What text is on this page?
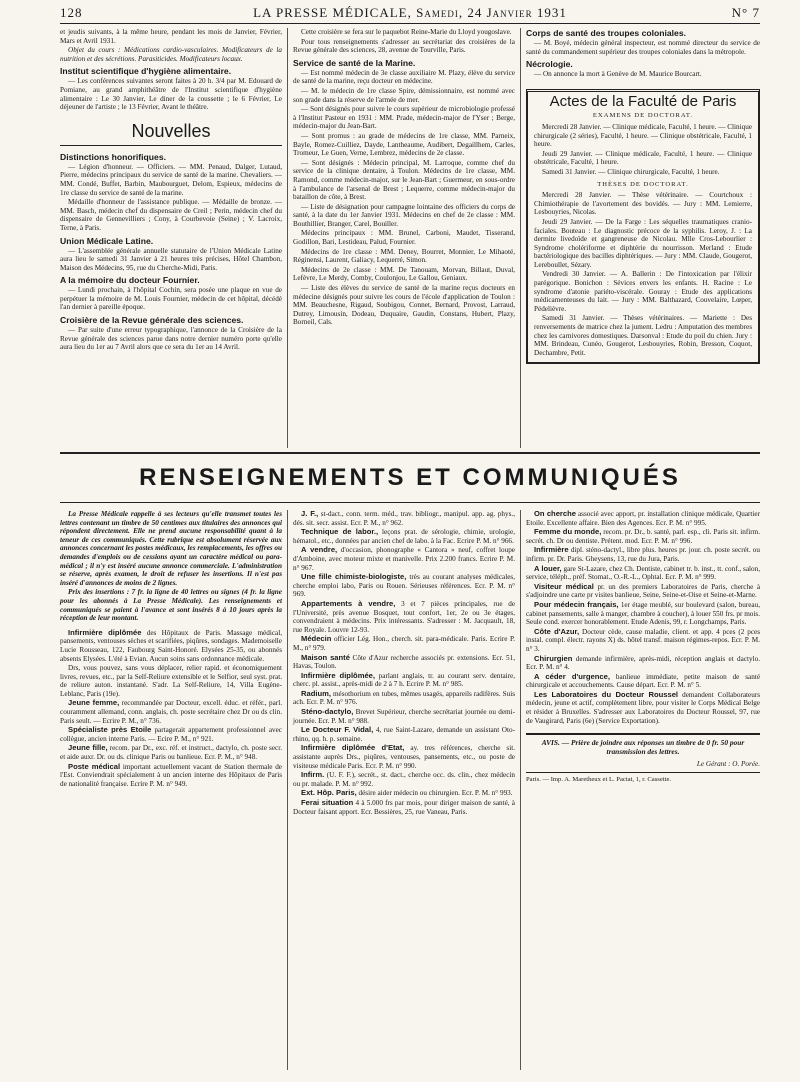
128	LA PRESSE MÉDICALE, Samedi, 24 Janvier 1931	N° 7

et jeudis suivants, à la même heure, pendant les mois de Janvier, Février, Mars et Avril 1931.

Objet du cours : Médications cardio-vasculaires. Modificateurs de la nutrition et des sécrétions. Parasiticides. Modificateurs locaux.

Institut scientifique d'hygiène alimentaire.

— Les conférences suivantes seront faites à 20 h. 3/4 par M. Edouard de Pomiane, au grand amphithéâtre de l'Institut scientifique d'hygiène alimentaire : Le 30 Janvier, Le diner de la coussette ; le 6 Février, Le déjeuner de l'artiste ; le 13 Février, Avant le théâtre.

Nouvelles
Distinctions honorifiques.

— Légion d'honneur. — Officiers. — MM. Penaud, Dalger, Lutaud, Pierre, médecins principaux du service de santé de la marine. Chevaliers. — MM. Condé, Buffet, Barbin, Maubourguet, Delom, Espieux, médecins de 1re classe du service de santé de la marine.

Médaille d'honneur de l'assistance publique. — Médaille de bronze. — MM. Basch, médecin chef du dispensaire de Creil ; Perin, médecin chef du dispensaire de Gennevilliers ; Cony, à Courbevoie (Seine) ; V. Lacroix, Terne, à Paris.

Union Médicale Latine.

— L'assemblée générale annuelle statutaire de l'Union Médicale Latine aura lieu le samedi 31 Janvier à 21 heures très précises, Hôtel Chambon, Maison des Médecins, 95, rue du Cherche-Midi, Paris.

A la mémoire du docteur Fournier.

— Lundi prochain, à l'hôpital Cochin, sera posée une plaque en vue de perpétuer la mémoire de M. Louis Fournier, médecin de cet hôpital, décédé l'an dernier à pareille époque.

Croisière de la Revue générale des sciences.

— Par suite d'une erreur typographique, l'annonce de la Croisière de la Revue générale des sciences parue dans notre dernier numéro porte qu'elle aura lieu du 1er au 7 Avril alors que ce sera du 1er au 14 Avril.

Cette croisière se fera sur le paquebot Reine-Marie du Lloyd yougoslave.

Pour tous renseignements s'adresser au secrétariat des croisières de la Revue générale des sciences, 28, avenue de Tourville, Paris.

Service de santé de la Marine.

— Est nommé médecin de 3e classe auxiliaire M. Plazy, élève du service de santé de la marine, reçu docteur en médecine.

— M. le médecin de 1re classe Spire, démissionnaire, est nommé avec son grade dans la réserve de l'armée de mer.

— Sont désignés pour suivre le cours supérieur de microbiologie professé à l'Institut Pasteur en 1931 : MM. Prade, médecin-major de l'Yser ; Berge, médecin-major du Jean-Bart.

— Sont promus : au grade de médecins de 1re classe, MM. Parneix, Bayle, Romez-Cuilliez, Dayde, Lantheaume, Audibert, Degaillhem, Carles, Tromeur, Le Guen, Verne, Lembrez, médecins de 2e classe.

— Sont désignés : Médecin principal, M. Larroque, comme chef du service de la clinique dentaire, à Toulon. Médecins de 1re classe, MM. Ramond, comme médecin-major, sur le Jean-Bart ; Guermeur, en sous-ordre à l'ambulance de l'arsenal de Brest ; Lequerre, comme médecin-major du bataillon de côte, à Brest.

— Liste de désignation pour campagne lointaine des officiers du corps de santé, à la date du 1er Janvier 1931. Médecins en chef de 2e classe : MM. Bouthillier, Branger, Carel, Bouiller.

Médecins principaux : MM. Brunel, Carboni, Maudet, Tisserand, Godillon, Bari, Lestideau, Palud, Fournier.

Médecins de 1re classe : MM. Deney, Bourret, Monnier, Le Mihaoté, Réginensi, Laurent, Galiacy, Lequerré, Simon.

Médecins de 2e classe : MM. De Tanouam, Morvan, Billaut, Duval, Lefèvre, Le Merdy, Comby, Coulonjou, Le Gallou, Geniaux.

— Liste des élèves du service de santé de la marine reçus docteurs en médecine désignés pour suivre les cours de l'école d'application de Toulon : MM. Beauchesne, Rigaud, Soubigou, Connet, Bernard, Provost, Larraud, Dutrey, Limousin, Dodeau, Duquaire, Gaudin, Constans, Hubert, Plazy, Borneil, Cals.

Corps de santé des troupes coloniales.

— M. Boyé, médecin général inspecteur, est nommé directeur du service de santé du commandement supérieur des troupes coloniales dans la métropole.

Nécrologie.

— On annonce la mort à Genève de M. Maurice Bourcart.

Actes de la Faculté de Paris
EXAMENS DE DOCTORAT.

Mercredi 28 Janvier. — Clinique médicale, Faculté, 1 heure. — Clinique chirurgicale (2 séries), Faculté, 1 heure. — Clinique obstétricale, Faculté, 1 heure.

Jeudi 29 Janvier. — Clinique médicale, Faculté, 1 heure. — Clinique obstétricale, Faculté, 1 heure.

Samedi 31 Janvier. — Clinique chirurgicale, Faculté, 1 heure.

THÈSES DE DOCTORAT.

Mercredi 28 Janvier. — Thèse vétérinaire. — Courtchoux : Chimiothérapie de l'avortement des bovidés. — Jury : MM. Lemierre, Lesbouyries, Nicolas.

Jeudi 29 Janvier. — De la Farge : Les séquelles traumatiques cranio-faciales. Bouteau : Le diagnostic précoce de la syphilis. Leroy, J. : La dermite livedoïde et gangreneuse de Nicolau. Mlle Cros-Lebourlier : Syndrome cholériforme et diphtérie du nourrisson. Merland : Etude bactériologique des bacilles diphtériques. — Jury : MM. Claude, Gougerot, Lereboullet, Sézary.

Vendredi 30 Janvier. — A. Ballerin : De l'intoxication par l'élixir parégorique. Bonichon : Sévices envers les enfants. H. Racine : Le syndrome d'atonie pariéto-viscérale. Gouray : Etude des applications médicamenteuses du lait. — Jury : MM. Balthazard, Couvelaire, Lœper, Pédelièvre.

Samedi 31 Janvier. — Thèses vétérinaires. — Mariette : Des renversements de matrice chez la jument. Ledru : Amputation des membres chez les carnivores domestiques. Darsonval : Etude du poil du chien. Jury : MM. Brindeau, Cunéo, Gougerot, Lesbouyries, Robin, Bresson, Coquot, Dechambre, Petit.

RENSEIGNEMENTS ET COMMUNIQUÉS

La Presse Médicale rappelle à ses lecteurs qu'elle transmet toutes les lettres contenant un timbre de 50 centimes aux titulaires des annonces qui répondent directement. Elle ne prend aucune responsabilité quant à la teneur de ces communiqués. Cette rubrique est absolument réservée aux annonces concernant les postes médicaux, les remplacements, les offres ou demandes d'emplois ou de cessions ayant un caractère médical ou para-médical ; il n'y est inséré aucune annonce commerciale. L'administration se réserve, après examen, le droit de refuser les insertions. Il n'est pas inséré d'annonces de moins de 2 lignes.

Prix des insertions : 7 fr. la ligne de 40 lettres ou signes (4 fr. la ligne pour les abonnés à La Presse Médicale). Les renseignements et communiqués se paient à l'avance et sont insérés 8 à 10 jours après la réception de leur montant.

Infirmière diplômée des Hôpitaux de Paris. Massage médical, pansements, ventouses sèches et scarifiées, piqûres, sondages. Mademoiselle Lucie Rousseau, 122, Faubourg Saint-Honoré. Elysées 25-35, ou abonnés absents Elysées. L'été à Evian. Aucun soins sans ordonnance médicale.

Drs, vous pouvez, sans vous déplacer, relier rapid. et économiquement livres, revues, etc., par la Self-Reliure extensible et le Selfior, seul syst. prat. de reliure auton. instantané. S'adr. La Self-Reliure, 14, Villa Eugène-Leblanc, Paris (19e).

Jeune femme, recommandée par Docteur, excell. éduc. et référ., parl. couramment allemand, conn. anglais, ch. poste secrétaire chez Dr ou ds clin. Paris seult. — Ecrire P. M., n° 736.

Spécialiste près Etoile partagerait appartement professionnel avec collègue, ancien interne Paris. — Ecire P. M., n° 921.

Jeune fille, recom. par Dr., exc. réf. et instruct., dactylo, ch. poste secr. et aide auxr. Dr. ou ds. clinique Paris ou banlieue. Ecr. P. M., n° 948.

Poste médical important actuellement vacant de Station thermale de l'Est. Conviendrait spécialement à un ancien interne des Hôpitaux de Paris de nationalité française. Ecrire P. M. n° 949.

J. F., st-dact., conn. term. méd., trav. bibliogr., manipul. app. ag. phys., dés. sit. secr. assist. Ecr. P. M., n° 962.

Technique de labor., leçons prat. de sérologie, chimie, urologie, hématol., etc., données par ancien chef de labo. à la Fac. Ecrire P. M. n° 966.

A vendre, d'occasion, phonographe « Cantora » neuf, coffret loupe d'Amboine, avec moteur mixte et manivelle. Prix 2.200 francs. Ecrire P. M. n° 967.

Une fille chimiste-biologiste, très au courant analyses médicales, cherche emploi labo, Paris ou Rouen. Sérieuses références. Ecr. P. M. n° 969.

Appartements à vendre, 3 et 7 pièces principales, rue de l'Université, près avenue Bosquet, tout confort, 1er, 2e ou 3e étages, convendraient à médecins. Prix intéressants. S'adresser : M. Jacquault, 18, rue Royale. Louvre 12-93.

Médecin officier Lég. Hon., cherch. sit. para-médicale. Paris. Ecrire P. M., n° 979.

Maison santé Côte d'Azur recherche associés pr. extensions. Ecr. 51, Havas, Toulon.

Infirmière diplômée, parlant anglais, tr. au courant serv. dentaire, cherc. pl. assist., après-midi de 2 à 7 h. Ecrire P. M. n° 985.

Radium, mésothorium en tubes, mêmes usagés, appareils radifères. Suis ach. Ecr. P. M. n° 976.

Sténo-dactylo, Brevet Supérieur, cherche secrétariat journée ou demi-journée. Ecr. P. M. n° 988.

Le Docteur F. Vidal, 4, rue Saint-Lazare, demande un assistant Oto-rhino, qq. h. p. semaine.

Infirmière diplômée d'Etat, ay. tres références, cherche sit. assistante auprès Drs., piqûres, ventouses, pansements, etc., ou poste de visiteuse médicale Paris. Ecr. P. M. n° 990.

Infirm. (U. F. F.), secrét., st. dact., cherche occ. ds. clin., chez médecin ou pr. malade. P. M. n° 992.

Ext. Hôp. Paris, désire aider médecin ou chirurgien. Ecr. P. M. n° 993.

Ferai situation 4 à 5.000 frs par mois, pour diriger maison de santé, à Docteur faisant apport. Ecr. Bessières, 25, rue Vaneau, Paris.

On cherche associé avec apport, pr. installation clinique médicale, Quartier Etoile. Excellente affaire. Bien des Agences. Ecr. P. M. n° 995.

Femme du monde, recom. pr. Dr., b. santé, parl. esp., cli. Paris sit. infirm. secrét. ch. Dr ou dentiste. Prétent. mod. Ecr. P. M. n° 996.

Infirmière dipl. sténo-dactyl., libre plus. heures pr. jour. ch. poste secrét. ou infirm. pr. Dr. Paris. Gheysens, 13, rue du Jura, Paris.

A louer, gare St-Lazare, chez Ch. Dentiste, cabinet tr. b. inst., tt. conf., salon, service, téléph., préf. Stomat., O.-R.-L., Ophtal. Ecr. P. M. n° 999.

Visiteur médical pr. un des premiers Laboratoires de Paris, cherche à s'adjoindre une carte pr visites banlieue, Seine, Seine-et-Oise et Seine-et-Marne.

Pour médecin français, 1er étage meublé, sur boulevard (salon, bureau, cabinet pansements, salle à manger, chambre à coucher), à louer 550 frs. pr mois. Seule cond. exercer honorablement. Etude Adenis, 99, r. Longchamps, Paris.

Côte d'Azur, Docteur cède, cause maladie, client. et app. 4 pces (2 pces instal. compl. électr. rayons X) ds. hôtel transf. maison régimes-repos. Ecr. P. M. n° 3.

Chirurgien demande infirmière, après-midi, réception anglais et dactylo. Ecr. P. M. n° 4.

A céder d'urgence, banlieue immédiate, petite maison de santé chirurgicale et accouchements. Cause départ. Ecr. P. M. n° 5.

Les Laboratoires du Docteur Roussel demandent Collaborateurs médecin, jeune et actif, complètement libre, pour visiter le Corps Médical Belge et résider à Bruxelles. S'adresser aux Laboratoires du Docteur Roussel, 97, rue de Vaugirard, Paris (6e) (Service Exportation).

AVIS. — Prière de joindre aux réponses un timbre de 0 fr. 50 pour transmission des lettres.
Le Gérant : O. Porée.
Paris. — Imp. A. Maretheux et L. Pactat, 1, r. Cassette.
